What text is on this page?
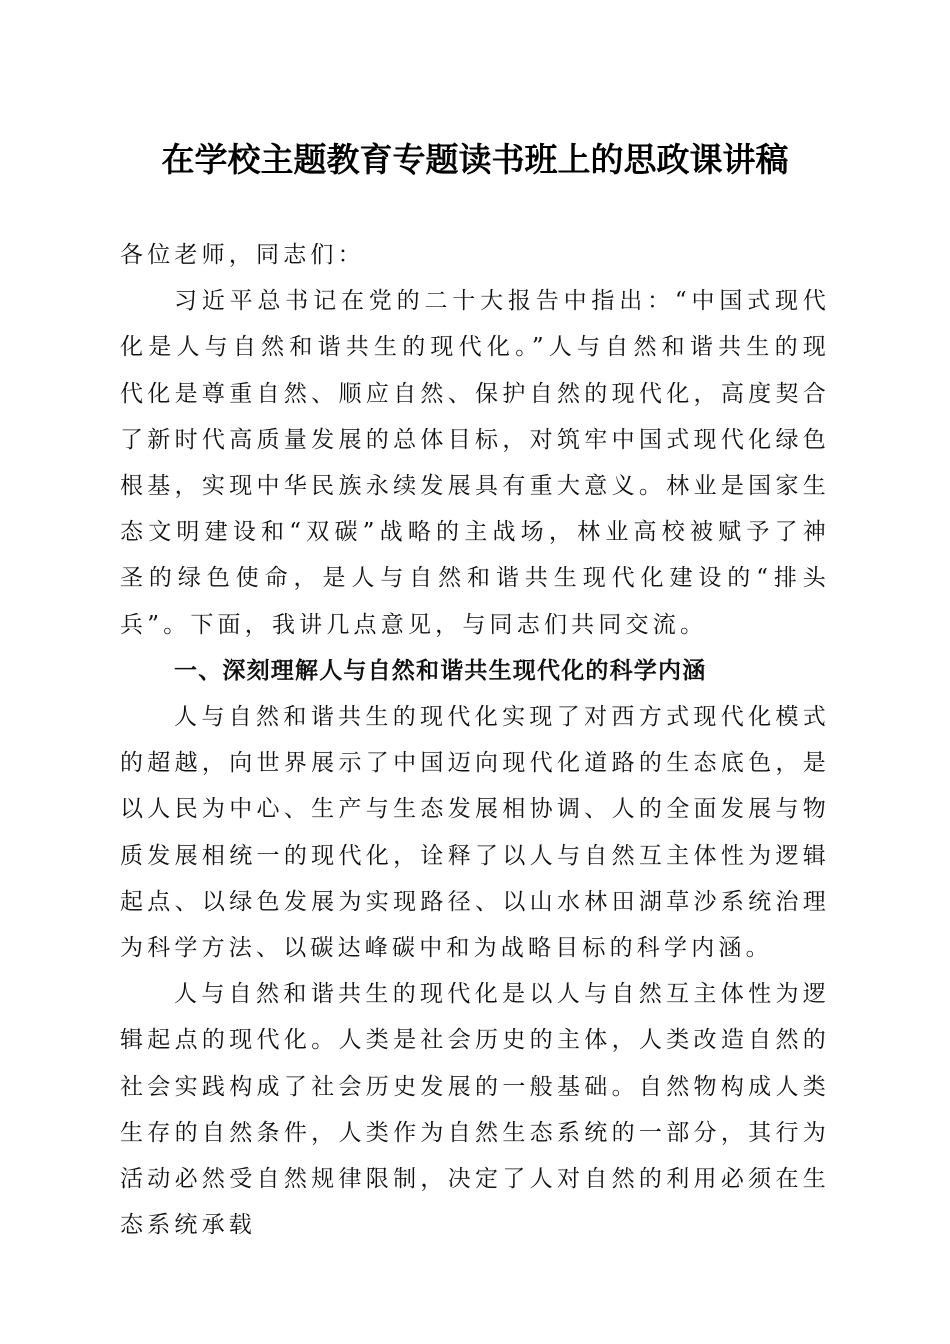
在学校主题教育专题读书班上的思政课讲稿

各位老师，同志们：

习近平总书记在党的二十大报告中指出：“中国式现代化是人与自然和谐共生的现代化。”人与自然和谐共生的现代化是尊重自然、顺应自然、保护自然的现代化，高度契合了新时代高质量发展的总体目标，对筑牢中国式现代化绿色根基，实现中华民族永续发展具有重大意义。林业是国家生态文明建设和“双碳”战略的主战场，林业高校被赋予了神圣的绿色使命，是人与自然和谐共生现代化建设的“排头兵”。下面，我讲几点意见，与同志们共同交流。

一、深刻理解人与自然和谐共生现代化的科学内涵

人与自然和谐共生的现代化实现了对西方式现代化模式的超越，向世界展示了中国迈向现代化道路的生态底色，是以人民为中心、生产与生态发展相协调、人的全面发展与物质发展相统一的现代化，诠释了以人与自然互主体性为逻辑起点、以绿色发展为实现路径、以山水林田湖草沙系统治理为科学方法、以碳达峰碳中和为战略目标的科学内涵。

人与自然和谐共生的现代化是以人与自然互主体性为逻辑起点的现代化。人类是社会历史的主体，人类改造自然的社会实践构成了社会历史发展的一般基础。自然物构成人类生存的自然条件，人类作为自然生态系统的一部分，其行为活动必然受自然规律限制，决定了人对自然的利用必须在生态系统承载
